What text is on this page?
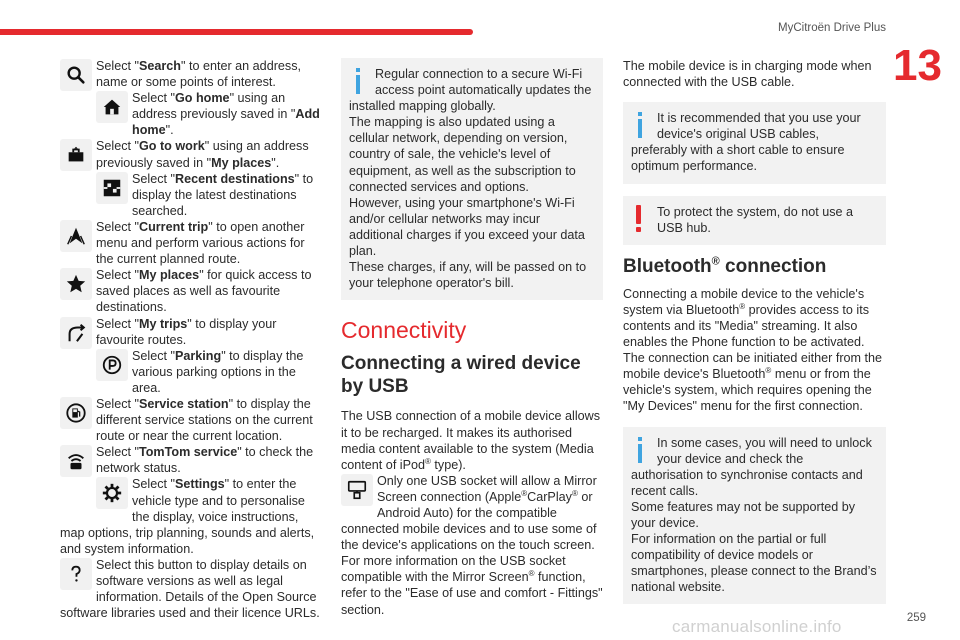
MyCitroën Drive Plus
13
Select "Search" to enter an address, name or some points of interest.
Select "Go home" using an address previously saved in "Add home".
Select "Go to work" using an address previously saved in "My places".
Select "Recent destinations" to display the latest destinations searched.
Select "Current trip" to open another menu and perform various actions for the current planned route.
Select "My places" for quick access to saved places as well as favourite destinations.
Select "My trips" to display your favourite routes.
Select "Parking" to display the various parking options in the area.
Select "Service station" to display the different service stations on the current route or near the current location.
Select "TomTom service" to check the network status.
Select "Settings" to enter the vehicle type and to personalise the display, voice instructions, map options, trip planning, sounds and alerts, and system information.
Select this button to display details on software versions as well as legal information. Details of the Open Source software libraries used and their licence URLs.

Regular connection to a secure Wi-Fi access point automatically updates the installed mapping globally.

The mapping is also updated using a cellular network, depending on version, country of sale, the vehicle's level of equipment, as well as the subscription to connected services and options.

However, using your smartphone's Wi-Fi and/or cellular networks may incur additional charges if you exceed your data plan.

These charges, if any, will be passed on to your telephone operator's bill.

Connectivity
Connecting a wired device by USB

The USB connection of a mobile device allows it to be recharged. It makes its authorised media content available to the system (Media content of iPod® type).

Only one USB socket will allow a Mirror Screen connection (Apple®CarPlay® or Android Auto) for the compatible connected mobile devices and to use some of the device's applications on the touch screen.

For more information on the USB socket compatible with the Mirror Screen® function, refer to the "Ease of use and comfort - Fittings" section.

The mobile device is in charging mode when connected with the USB cable.

It is recommended that you use your device's original USB cables, preferably with a short cable to ensure optimum performance.

To protect the system, do not use a USB hub.

Bluetooth® connection

Connecting a mobile device to the vehicle's system via Bluetooth® provides access to its contents and its "Media" streaming. It also enables the Phone function to be activated.

The connection can be initiated either from the mobile device's Bluetooth® menu or from the vehicle's system, which requires opening the "My Devices" menu for the first connection.

In some cases, you will need to unlock your device and check the authorisation to synchronise contacts and recent calls.

Some features may not be supported by your device.

For information on the partial or full compatibility of device models or smartphones, please connect to the Brand’s national website.

259
carmanualsonline.info
